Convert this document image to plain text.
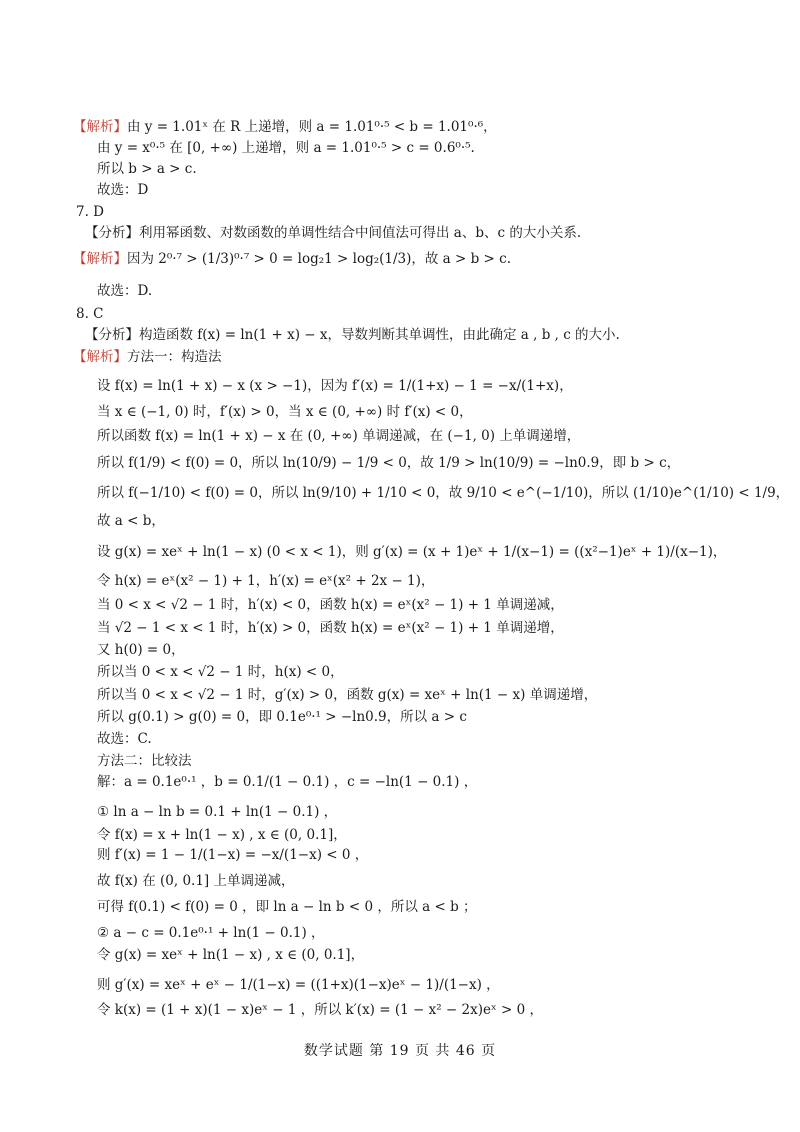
【解析】由 y = 1.01ˣ 在 R 上递增，则 a = 1.01⁰·⁵ < b = 1.01⁰·⁶，
由 y = x⁰·⁵ 在 [0, +∞) 上递增，则 a = 1.01⁰·⁵ > c = 0.6⁰·⁵.
所以 b > a > c.
故选：D
7. D
【分析】利用幂函数、对数函数的单调性结合中间值法可得出 a、b、c 的大小关系.
【解析】因为 2⁰·⁷ > (1/3)⁰·⁷ > 0 = log₂1 > log₂(1/3)，故 a > b > c.
故选：D.
8. C
【分析】构造函数 f(x) = ln(1 + x) − x，导数判断其单调性，由此确定 a , b , c 的大小.
【解析】方法一：构造法
设 f(x) = ln(1 + x) − x (x > −1)，因为 f′(x) = 1/(1+x) − 1 = −x/(1+x)，
当 x ∈ (−1, 0) 时，f′(x) > 0，当 x ∈ (0, +∞) 时 f′(x) < 0，
所以函数 f(x) = ln(1 + x) − x 在 (0, +∞) 单调递减，在 (−1, 0) 上单调递增，
所以 f(1/9) < f(0) = 0，所以 ln(10/9) − 1/9 < 0，故 1/9 > ln(10/9) = −ln0.9，即 b > c，
所以 f(−1/10) < f(0) = 0，所以 ln(9/10) + 1/10 < 0，故 9/10 < e^(−1/10)，所以 (1/10)e^(1/10) < 1/9，
故 a < b，
设 g(x) = xeˣ + ln(1 − x) (0 < x < 1)，则 g′(x) = (x + 1)eˣ + 1/(x−1) = ((x²−1)eˣ + 1)/(x−1)，
令 h(x) = eˣ(x² − 1) + 1，h′(x) = eˣ(x² + 2x − 1)，
当 0 < x < √2 − 1 时，h′(x) < 0，函数 h(x) = eˣ(x² − 1) + 1 单调递减，
当 √2 − 1 < x < 1 时，h′(x) > 0，函数 h(x) = eˣ(x² − 1) + 1 单调递增，
又 h(0) = 0，
所以当 0 < x < √2 − 1 时，h(x) < 0，
所以当 0 < x < √2 − 1 时，g′(x) > 0，函数 g(x) = xeˣ + ln(1 − x) 单调递增，
所以 g(0.1) > g(0) = 0，即 0.1e⁰·¹ > −ln0.9，所以 a > c
故选：C.
方法二：比较法
解：a = 0.1e⁰·¹ ，b = 0.1/(1 − 0.1) ，c = −ln(1 − 0.1) ，
① ln a − ln b = 0.1 + ln(1 − 0.1) ，
令 f(x) = x + ln(1 − x) , x ∈ (0, 0.1]，
则 f′(x) = 1 − 1/(1−x) = −x/(1−x) < 0 ，
故 f(x) 在 (0, 0.1] 上单调递减，
可得 f(0.1) < f(0) = 0 ，即 ln a − ln b < 0 ，所以 a < b ；
② a − c = 0.1e⁰·¹ + ln(1 − 0.1) ，
令 g(x) = xeˣ + ln(1 − x) , x ∈ (0, 0.1]，
则 g′(x) = xeˣ + eˣ − 1/(1−x) = ((1+x)(1−x)eˣ − 1)/(1−x) ，
令 k(x) = (1 + x)(1 − x)eˣ − 1 ，所以 k′(x) = (1 − x² − 2x)eˣ > 0 ，
数学试题 第 19 页 共 46 页
